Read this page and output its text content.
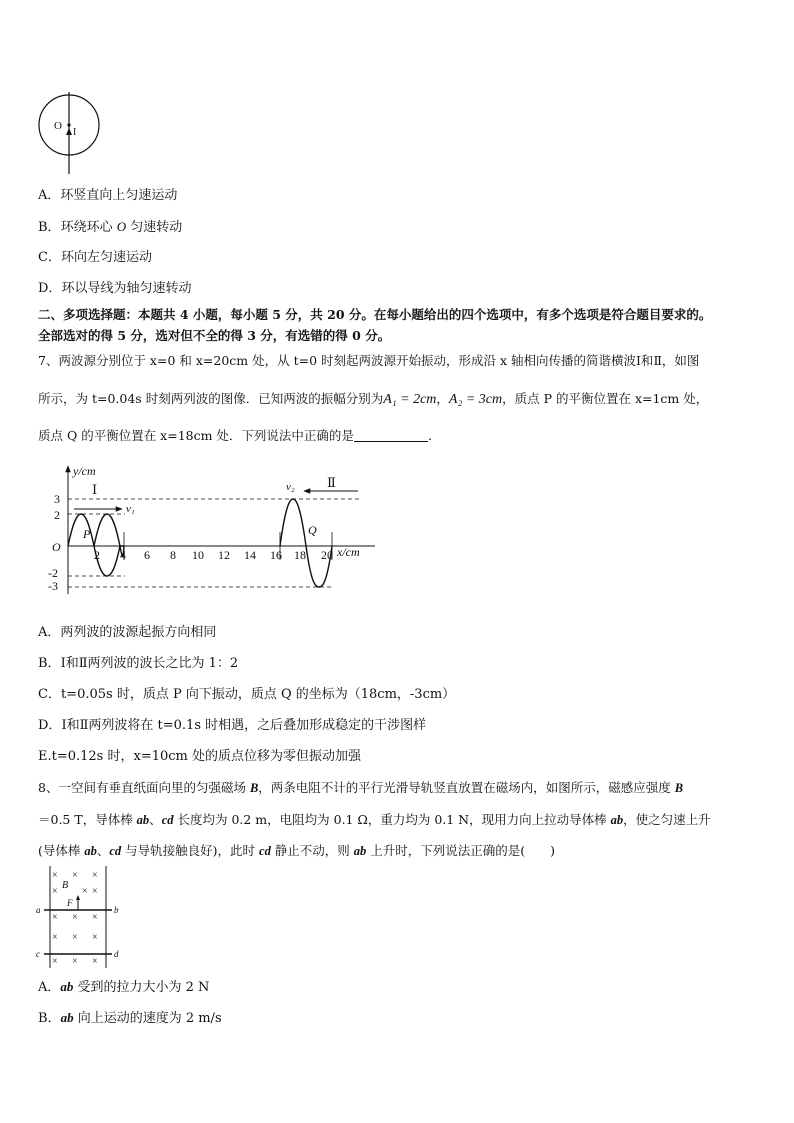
O
I
A．环竖直向上匀速运动
B．环绕环心 O 匀速转动
C．环向左匀速运动
D．环以导线为轴匀速转动
二、多项选择题：本题共 4 小题，每小题 5 分，共 20 分。在每小题给出的四个选项中，有多个选项是符合题目要求的。
全部选对的得 5 分，选对但不全的得 3 分，有选错的得 0 分。
7、两波源分别位于 x=0 和 x=20cm 处，从 t=0 时刻起两波源开始振动，形成沿 x 轴相向传播的简谐横波Ⅰ和Ⅱ，如图
所示，为 t=0.04s 时刻两列波的图像．已知两波的振幅分别为A₁ = 2cm，A₂ = 3cm，质点 P 的平衡位置在 x=1cm 处，
质点 Q 的平衡位置在 x=18cm 处．下列说法中正确的是	．
y/cm
x/cm
O
3
2
-2
-3
2 4 6 8 10 12 14 16 18 20
Ⅰ
v₁
Ⅱ
v₂
P	Q
A．两列波的波源起振方向相同
B．Ⅰ和Ⅱ两列波的波长之比为 1：2
C．t=0.05s 时，质点 P 向下振动，质点 Q 的坐标为（18cm，-3cm）
D．Ⅰ和Ⅱ两列波将在 t=0.1s 时相遇，之后叠加形成稳定的干涉图样
E.t=0.12s 时，x=10cm 处的质点位移为零但振动加强
8、一空间有垂直纸面向里的匀强磁场 B，两条电阻不计的平行光滑导轨竖直放置在磁场内，如图所示，磁感应强度 B
＝0.5 T，导体棒 ab、cd 长度均为 0.2 m，电阻均为 0.1 Ω，重力均为 0.1 N，现用力向上拉动导体棒 ab，使之匀速上升
(导体棒 ab、cd 与导轨接触良好)，此时 cd 静止不动，则 ab 上升时，下列说法正确的是(　　)
a	b
c	d
B
F
× × ×
× × ×
× × ×
× × ×
× × ×
A．ab 受到的拉力大小为 2 N
B．ab 向上运动的速度为 2 m/s
